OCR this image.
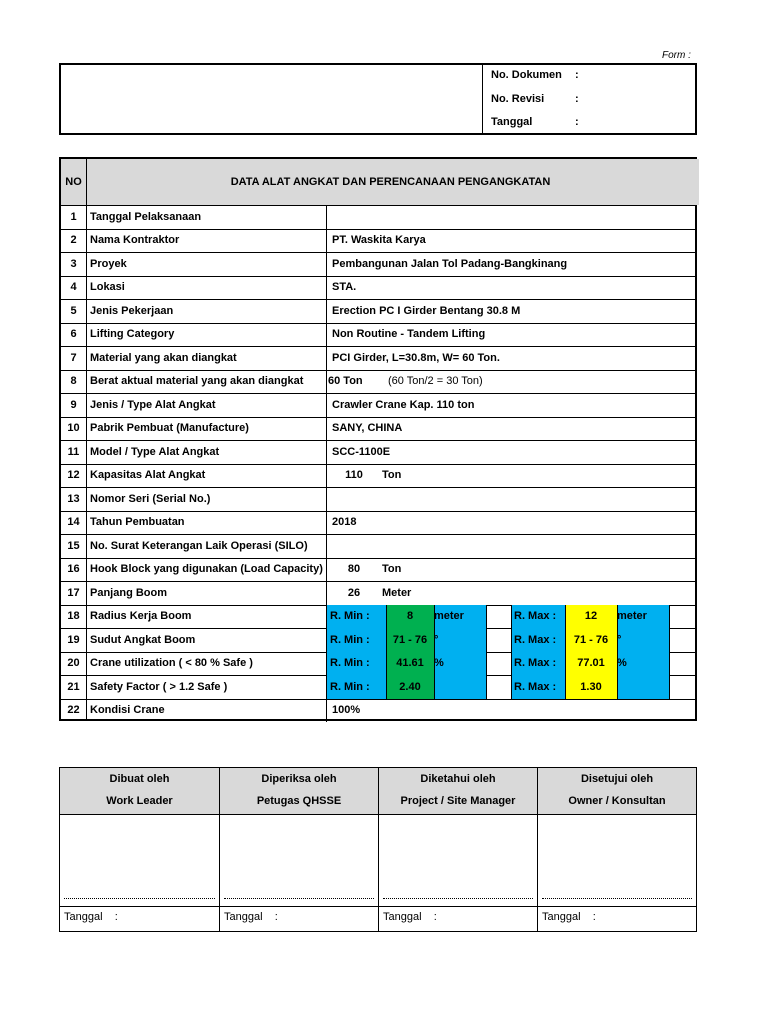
Form :
No. Dokumen :
No. Revisi	:
Tanggal	:
NO	DATA ALAT ANGKAT DAN PERENCANAAN PENGANGKATAN
1	Tanggal Pelaksanaan
2	Nama Kontraktor	PT. Waskita Karya
3	Proyek	Pembangunan Jalan Tol Padang-Bangkinang
4	Lokasi	STA.
5	Jenis Pekerjaan	Erection PC I Girder Bentang 30.8 M
6	Lifting Category	Non Routine - Tandem Lifting
7	Material yang akan diangkat	PCI Girder, L=30.8m, W= 60 Ton.
8	Berat aktual material yang akan diangkat	60 Ton	(60 Ton/2 = 30 Ton)
9	Jenis / Type Alat Angkat	Crawler Crane Kap. 110 ton
10 Pabrik Pembuat (Manufacture)	SANY, CHINA
11 Model / Type Alat Angkat	SCC-1100E
12 Kapasitas Alat Angkat	110	Ton
13 Nomor Seri (Serial No.)
14 Tahun Pembuatan	2018
15 No. Surat Keterangan Laik Operasi (SILO)
16 Hook Block yang digunakan (Load Capacity)	80	Ton
17 Panjang Boom	26	Meter
18 Radius Kerja Boom	R. Min :	8	meter	R. Max :	12	meter
19 Sudut Angkat Boom	R. Min :	71 - 76 °	R. Max :	71 - 76 °
20 Crane utilization ( < 80 % Safe )	R. Min :	41.61 %	R. Max :	77.01	%
21 Safety Factor ( > 1.2 Safe )	R. Min :	2.40	R. Max :	1.30
22 Kondisi Crane	100%
Dibuat oleh
Work Leader
Tanggal    :
Diperiksa oleh
Petugas QHSSE
Tanggal    :
Diketahui oleh
Project / Site Manager
Tanggal    :
Disetujui oleh
Owner / Konsultan
Tanggal    :
